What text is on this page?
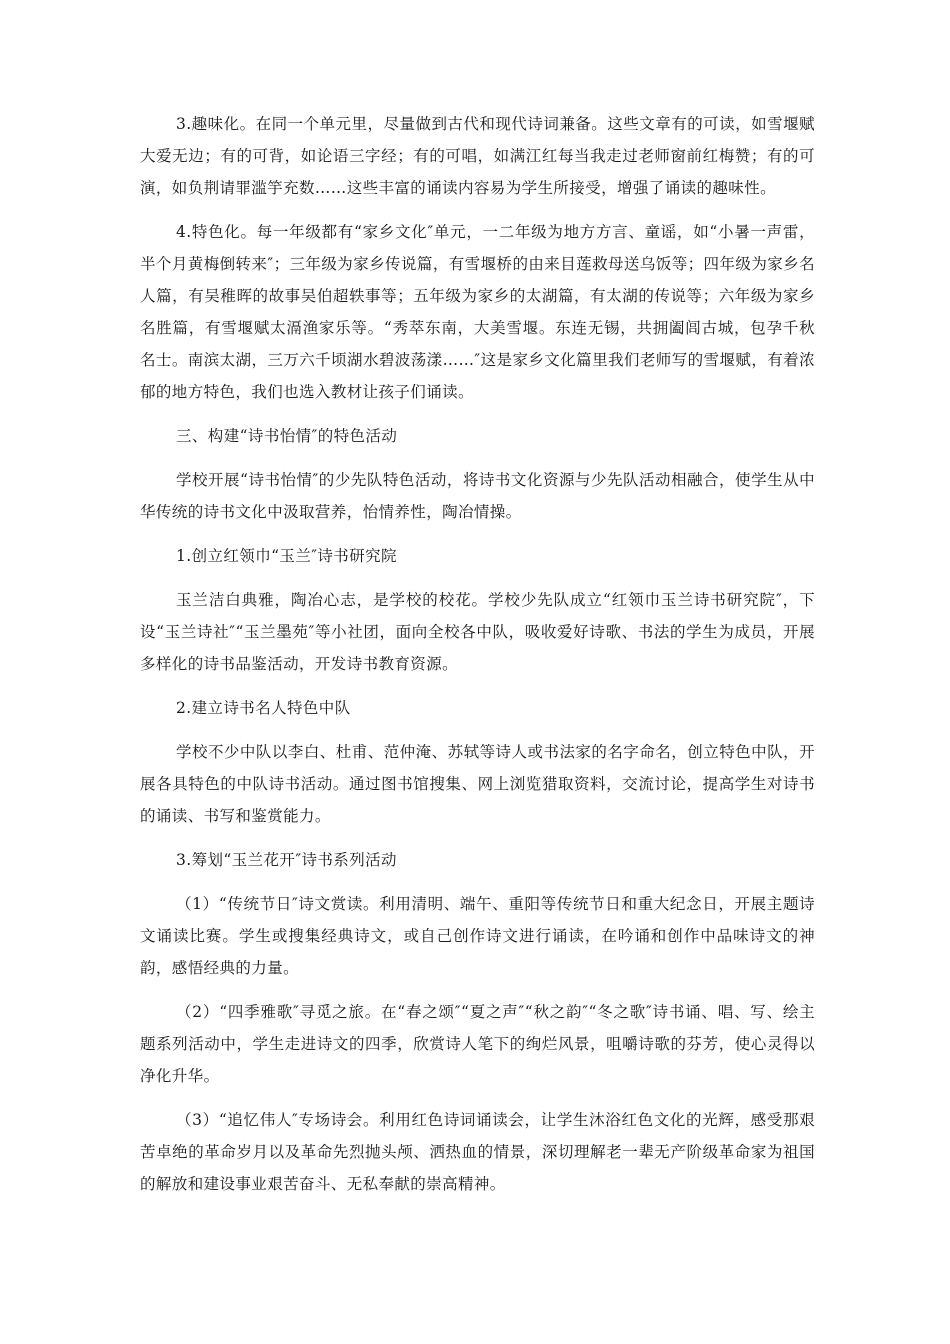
3.趣味化。在同一个单元里，尽量做到古代和现代诗词兼备。这些文章有的可读，如雪堰赋大爱无边；有的可背，如论语三字经；有的可唱，如满江红每当我走过老师窗前红梅赞；有的可演，如负荆请罪滥竽充数……这些丰富的诵读内容易为学生所接受，增强了诵读的趣味性。

4.特色化。每一年级都有“家乡文化″单元，一二年级为地方方言、童谣，如“小暑一声雷，半个月黄梅倒转来″；三年级为家乡传说篇，有雪堰桥的由来目莲救母送乌饭等；四年级为家乡名人篇，有吴稚晖的故事吴伯超轶事等；五年级为家乡的太湖篇，有太湖的传说等；六年级为家乡名胜篇，有雪堰赋太滆渔家乐等。“秀萃东南，大美雪堰。东连无锡，共拥阖闾古城，包孕千秋名士。南滨太湖，三万六千顷湖水碧波荡漾……″这是家乡文化篇里我们老师写的雪堰赋，有着浓郁的地方特色，我们也选入教材让孩子们诵读。

三、构建“诗书怡情″的特色活动

学校开展“诗书怡情″的少先队特色活动，将诗书文化资源与少先队活动相融合，使学生从中华传统的诗书文化中汲取营养，怡情养性，陶冶情操。

1.创立红领巾“玉兰″诗书研究院

玉兰洁白典雅，陶冶心志，是学校的校花。学校少先队成立“红领巾玉兰诗书研究院″，下设“玉兰诗社″“玉兰墨苑″等小社团，面向全校各中队，吸收爱好诗歌、书法的学生为成员，开展多样化的诗书品鉴活动，开发诗书教育资源。

2.建立诗书名人特色中队

学校不少中队以李白、杜甫、范仲淹、苏轼等诗人或书法家的名字命名，创立特色中队，开展各具特色的中队诗书活动。通过图书馆搜集、网上浏览猎取资料，交流讨论，提高学生对诗书的诵读、书写和鉴赏能力。

3.筹划“玉兰花开″诗书系列活动

（1）“传统节日″诗文赏读。利用清明、端午、重阳等传统节日和重大纪念日，开展主题诗文诵读比赛。学生或搜集经典诗文，或自己创作诗文进行诵读，在吟诵和创作中品味诗文的神韵，感悟经典的力量。

（2）“四季雅歌″寻觅之旅。在“春之颂″“夏之声″“秋之韵″“冬之歌″诗书诵、唱、写、绘主题系列活动中，学生走进诗文的四季，欣赏诗人笔下的绚烂风景，咀嚼诗歌的芬芳，使心灵得以净化升华。

（3）“追忆伟人″专场诗会。利用红色诗词诵读会，让学生沐浴红色文化的光辉，感受那艰苦卓绝的革命岁月以及革命先烈抛头颅、洒热血的情景，深切理解老一辈无产阶级革命家为祖国的解放和建设事业艰苦奋斗、无私奉献的崇高精神。
